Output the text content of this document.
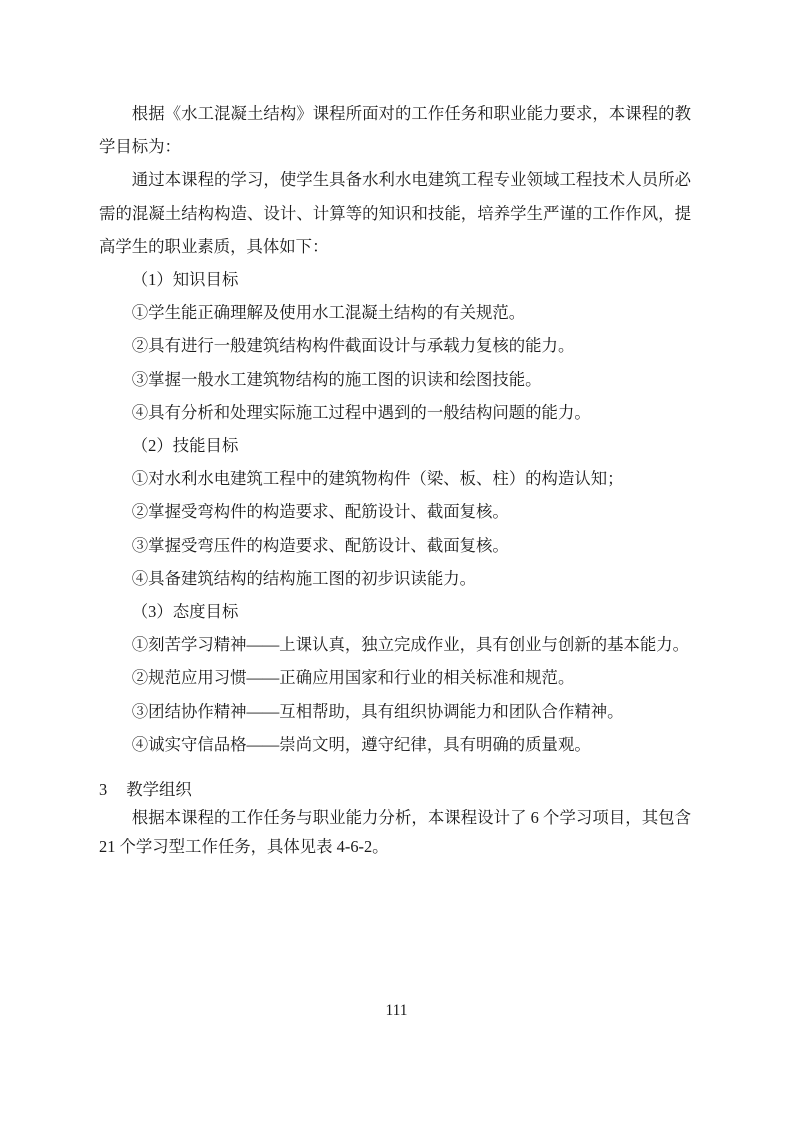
根据《水工混凝土结构》课程所面对的工作任务和职业能力要求，本课程的教学目标为：

通过本课程的学习，使学生具备水利水电建筑工程专业领域工程技术人员所必需的混凝土结构构造、设计、计算等的知识和技能，培养学生严谨的工作作风，提高学生的职业素质，具体如下：

（1）知识目标

①学生能正确理解及使用水工混凝土结构的有关规范。

②具有进行一般建筑结构构件截面设计与承载力复核的能力。

③掌握一般水工建筑物结构的施工图的识读和绘图技能。

④具有分析和处理实际施工过程中遇到的一般结构问题的能力。

（2）技能目标

①对水利水电建筑工程中的建筑物构件（梁、板、柱）的构造认知；

②掌握受弯构件的构造要求、配筋设计、截面复核。

③掌握受弯压件的构造要求、配筋设计、截面复核。

④具备建筑结构的结构施工图的初步识读能力。

（3）态度目标

①刻苦学习精神——上课认真，独立完成作业，具有创业与创新的基本能力。

②规范应用习惯——正确应用国家和行业的相关标准和规范。

③团结协作精神——互相帮助，具有组织协调能力和团队合作精神。

④诚实守信品格——崇尚文明，遵守纪律，具有明确的质量观。

3 教学组织

根据本课程的工作任务与职业能力分析，本课程设计了 6 个学习项目，其包含 21 个学习型工作任务，具体见表 4-6-2。

111
